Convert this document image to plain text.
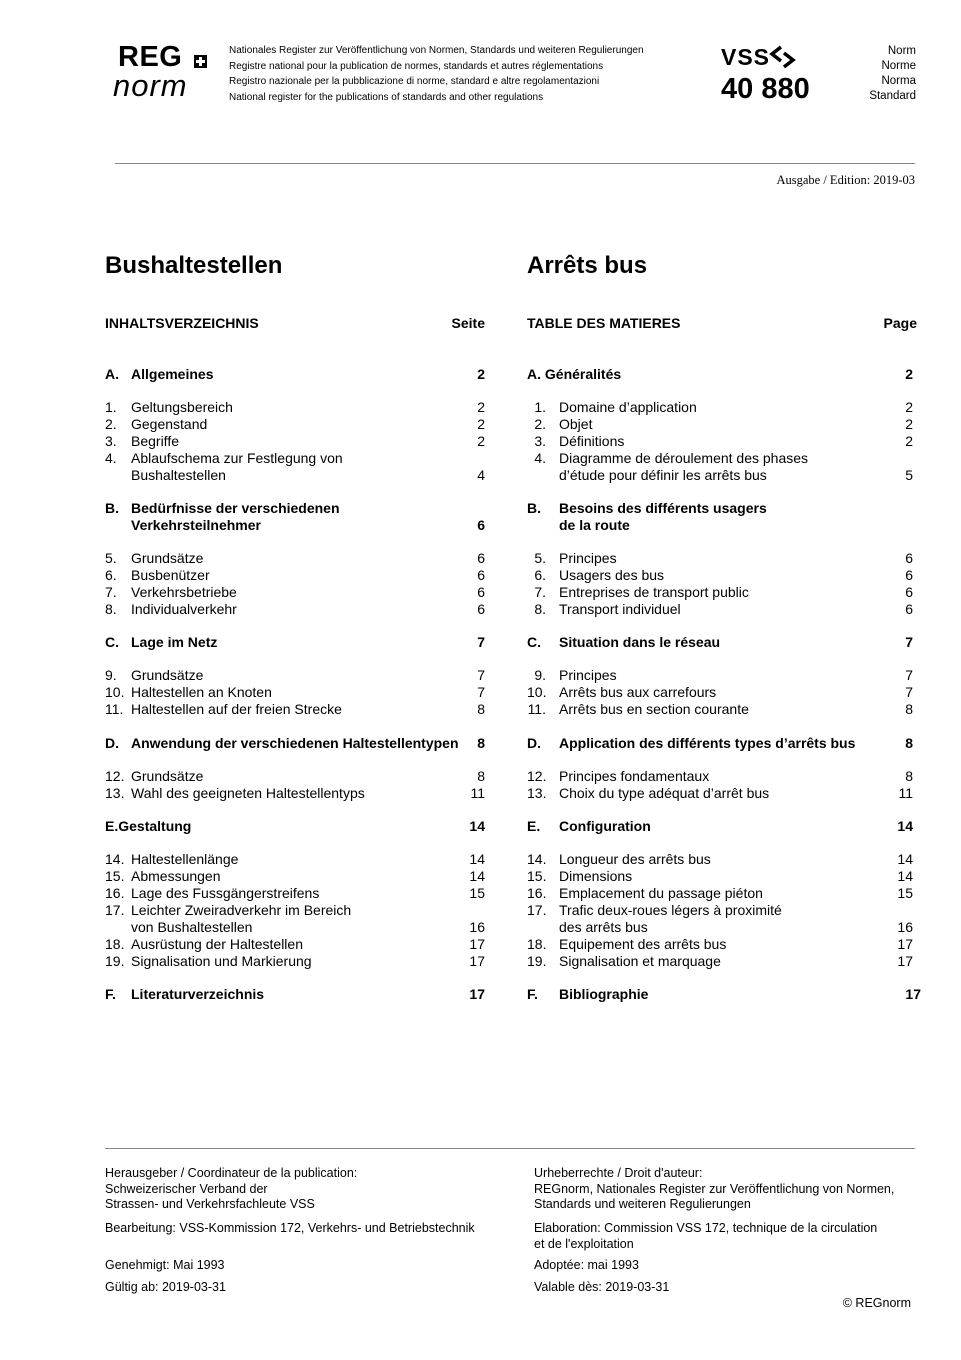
REG
norm
Nationales Register zur Veröffentlichung von Normen, Standards und weiteren Regulierungen
Registre national pour la publication de normes, standards et autres réglementations
Registro nazionale per la pubblicazione di norme, standard e altre regolamentazioni
National register for the publications of standards and other regulations
VSS
40 880
Norm
Norme
Norma
Standard
Ausgabe / Edition: 2019-03
Bushaltestellen	Arrêts bus
INHALTSVERZEICHNIS	Seite	TABLE DES MATIERES	Page
A. Allgemeines	2
1. Geltungsbereich	2
2. Gegenstand	2
3. Begriffe	2
4. Ablaufschema zur Festlegung von
Bushaltestellen	4
B. Bedürfnisse der verschiedenen
Verkehrsteilnehmer	6
5. Grundsätze	6
6. Busbenützer	6
7. Verkehrsbetriebe	6
8. Individualverkehr	6
C. Lage im Netz	7
9. Grundsätze	7
10. Haltestellen an Knoten	7
11. Haltestellen auf der freien Strecke	8
D. Anwendung der verschiedenen Haltestellentypen	8
12. Grundsätze	8
13. Wahl des geeigneten Haltestellentyps	11
E.Gestaltung	14
14. Haltestellenlänge	14
15. Abmessungen	14
16. Lage des Fussgängerstreifens	15
17. Leichter Zweiradverkehr im Bereich
von Bushaltestellen	16
18. Ausrüstung der Haltestellen	17
19. Signalisation und Markierung	17
F. Literaturverzeichnis	17
A. Généralités	2
1. Domaine d’application	2
2. Objet	2
3. Définitions	2
4. Diagramme de déroulement des phases
d’étude pour définir les arrêts bus	5
B. Besoins des différents usagers
de la route
5. Principes	6
6. Usagers des bus	6
7. Entreprises de transport public	6
8. Transport individuel	6
C. Situation dans le réseau	7
9. Principes	7
10. Arrêts bus aux carrefours	7
11. Arrêts bus en section courante	8
D. Application des différents types d’arrêts bus	8
12. Principes fondamentaux	8
13. Choix du type adéquat d’arrêt bus	11
E. Configuration	14
14. Longueur des arrêts bus	14
15. Dimensions	14
16. Emplacement du passage piéton	15
17. Trafic deux-roues légers à proximité
des arrêts bus	16
18. Equipement des arrêts bus	17
19. Signalisation et marquage	17
F. Bibliographie	17
Herausgeber / Coordinateur de la publication:
Schweizerischer Verband der
Strassen- und Verkehrsfachleute VSS
Bearbeitung: VSS-Kommission 172, Verkehrs- und Betriebstechnik
Genehmigt: Mai 1993
Gültig ab: 2019-03-31
Urheberrechte / Droit d'auteur:
REGnorm, Nationales Register zur Veröffentlichung von Normen,
Standards und weiteren Regulierungen
Elaboration: Commission VSS 172, technique de la circulation
et de l'exploitation
Adoptée: mai 1993
Valable dès: 2019-03-31
© REGnorm
